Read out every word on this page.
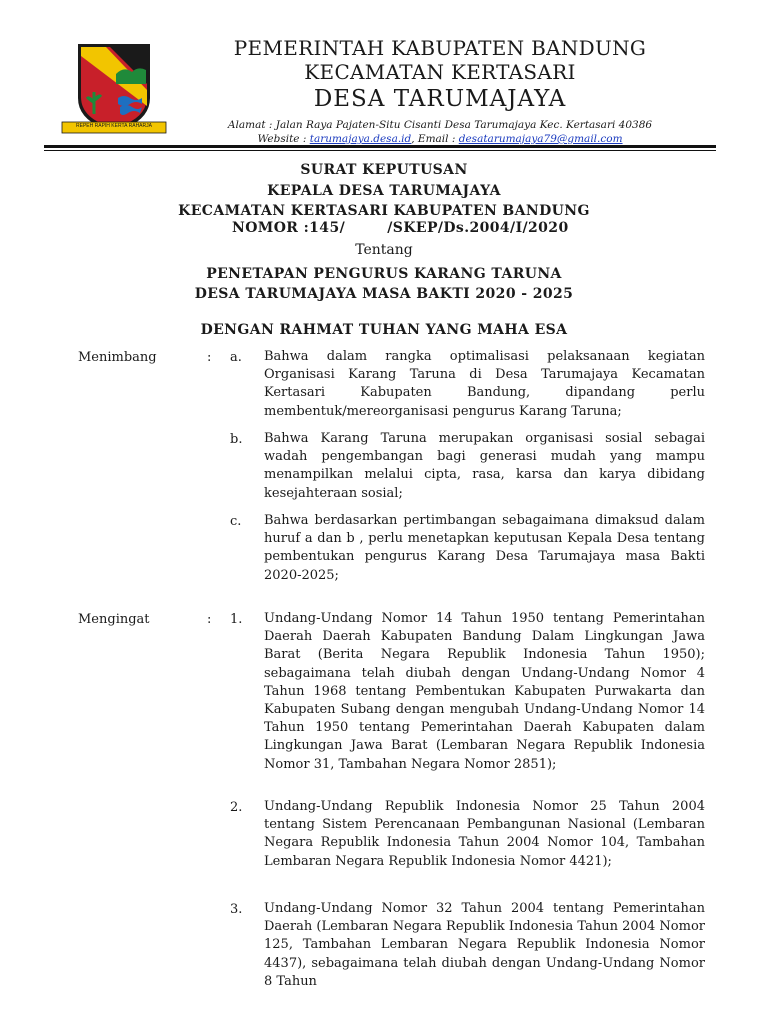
REPEH RAPIH KERTA RAHARJA
PEMERINTAH KABUPATEN BANDUNG
KECAMATAN KERTASARI
DESA TARUMAJAYA
Alamat : Jalan Raya Pajaten-Situ Cisanti Desa Tarumajaya Kec. Kertasari 40386
Website : tarumajaya.desa.id, Email : desatarumajaya79@gmail.com
SURAT KEPUTUSAN
KEPALA DESA TARUMAJAYA
KECAMATAN KERTASARI KABUPATEN BANDUNG
NOMOR :145/        /SKEP/Ds.2004/I/2020
Tentang
PENETAPAN PENGURUS KARANG TARUNA
DESA TARUMAJAYA MASA BAKTI 2020 - 2025
DENGAN RAHMAT TUHAN YANG MAHA ESA
Menimbang	: a. Bahwa dalam rangka optimalisasi pelaksanaan kegiatan Organisasi Karang Taruna di Desa Tarumajaya Kecamatan Kertasari Kabupaten Bandung, dipandang perlu membentuk/mereorganisasi pengurus Karang Taruna;
b. Bahwa Karang Taruna merupakan organisasi sosial sebagai wadah pengembangan bagi generasi mudah yang mampu menampilkan melalui cipta, rasa, karsa dan karya dibidang kesejahteraan sosial;
c. Bahwa berdasarkan pertimbangan sebagaimana dimaksud dalam huruf a dan b , perlu menetapkan keputusan Kepala Desa tentang pembentukan pengurus Karang Desa Tarumajaya masa Bakti 2020-2025;
Mengingat	: 1. Undang-Undang Nomor 14 Tahun 1950 tentang Pemerintahan Daerah Daerah Kabupaten Bandung Dalam Lingkungan Jawa Barat (Berita Negara Republik Indonesia Tahun 1950); sebagaimana telah diubah dengan Undang-Undang Nomor 4 Tahun 1968 tentang Pembentukan Kabupaten Purwakarta dan Kabupaten Subang dengan mengubah Undang-Undang Nomor 14 Tahun 1950 tentang Pemerintahan Daerah Kabupaten dalam Lingkungan Jawa Barat (Lembaran Negara Republik Indonesia Nomor 31, Tambahan Negara Nomor 2851);
2. Undang-Undang Republik Indonesia Nomor 25 Tahun 2004 tentang Sistem Perencanaan Pembangunan Nasional (Lembaran Negara Republik Indonesia Tahun 2004 Nomor 104, Tambahan Lembaran Negara Republik Indonesia Nomor 4421);
3. Undang-Undang Nomor 32 Tahun 2004 tentang Pemerintahan Daerah (Lembaran Negara Republik Indonesia Tahun 2004 Nomor 125, Tambahan Lembaran Negara Republik Indonesia Nomor 4437), sebagaimana telah diubah dengan Undang-Undang Nomor 8 Tahun
